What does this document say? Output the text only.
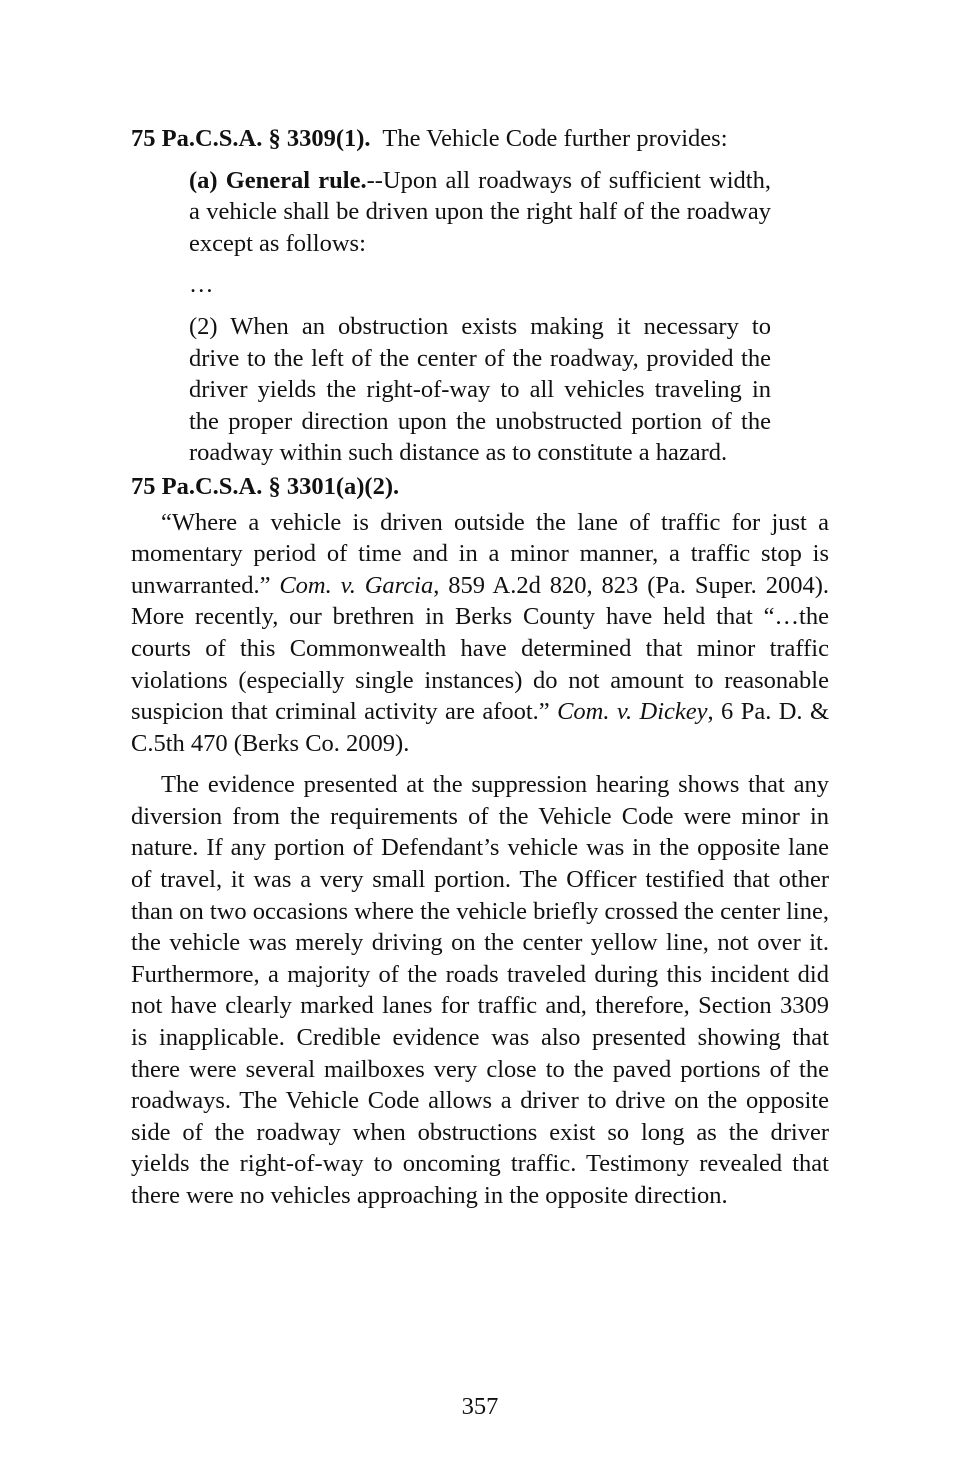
75 Pa.C.S.A. § 3309(1). The Vehicle Code further provides:

(a) General rule.--Upon all roadways of sufficient width, a vehicle shall be driven upon the right half of the roadway except as follows:

…

(2) When an obstruction exists making it necessary to drive to the left of the center of the roadway, provided the driver yields the right-of-way to all vehicles traveling in the proper direction upon the unobstructed portion of the roadway within such distance as to constitute a hazard.

75 Pa.C.S.A. § 3301(a)(2).

“Where a vehicle is driven outside the lane of traffic for just a momentary period of time and in a minor manner, a traffic stop is unwarranted.” Com. v. Garcia, 859 A.2d 820, 823 (Pa. Super. 2004). More recently, our brethren in Berks County have held that “…the courts of this Commonwealth have determined that minor traffic violations (especially single instances) do not amount to reasonable suspicion that criminal activity are afoot.” Com. v. Dickey, 6 Pa. D. & C.5th 470 (Berks Co. 2009).

The evidence presented at the suppression hearing shows that any diversion from the requirements of the Vehicle Code were minor in nature. If any portion of Defendant’s vehicle was in the opposite lane of travel, it was a very small portion. The Officer testified that other than on two occasions where the vehicle briefly crossed the center line, the vehicle was merely driving on the center yellow line, not over it. Furthermore, a majority of the roads traveled during this incident did not have clearly marked lanes for traffic and, therefore, Section 3309 is inapplicable. Credible evidence was also presented showing that there were several mailboxes very close to the paved portions of the roadways. The Vehicle Code allows a driver to drive on the opposite side of the roadway when obstructions exist so long as the driver yields the right-of-way to oncoming traffic. Testimony revealed that there were no vehicles approaching in the opposite direction.

357
